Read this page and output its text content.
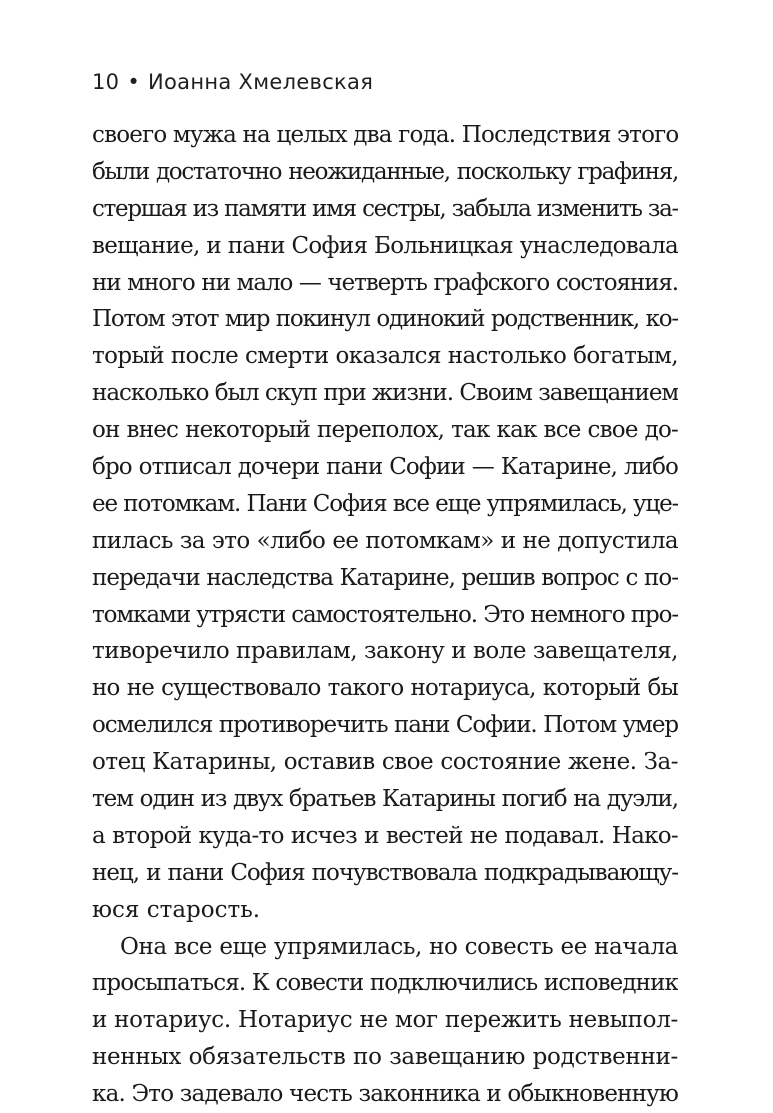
10 • Иоанна Хмелевская
своего мужа на целых два года. Последствия этого
были достаточно неожиданные, поскольку графиня,
стершая из памяти имя сестры, забыла изменить за-
вещание, и пани София Больницкая унаследовала
ни много ни мало — четверть графского состояния.
Потом этот мир покинул одинокий родственник, ко-
торый после смерти оказался настолько богатым,
насколько был скуп при жизни. Своим завещанием
он внес некоторый переполох, так как все свое до-
бро отписал дочери пани Софии — Катарине, либо
ее потомкам. Пани София все еще упрямилась, уце-
пилась за это «либо ее потомкам» и не допустила
передачи наследства Катарине, решив вопрос с по-
томками утрясти самостоятельно. Это немного про-
тиворечило правилам, закону и воле завещателя,
но не существовало такого нотариуса, который бы
осмелился противоречить пани Софии. Потом умер
отец Катарины, оставив свое состояние жене. За-
тем один из двух братьев Катарины погиб на дуэли,
а второй куда-то исчез и вестей не подавал. Нако-
нец, и пани София почувствовала подкрадывающу-
юся старость.
Она все еще упрямилась, но совесть ее начала
просыпаться. К совести подключились исповедник
и нотариус. Нотариус не мог пережить невыпол-
ненных обязательств по завещанию родственни-
ка. Это задевало честь законника и обыкновенную
